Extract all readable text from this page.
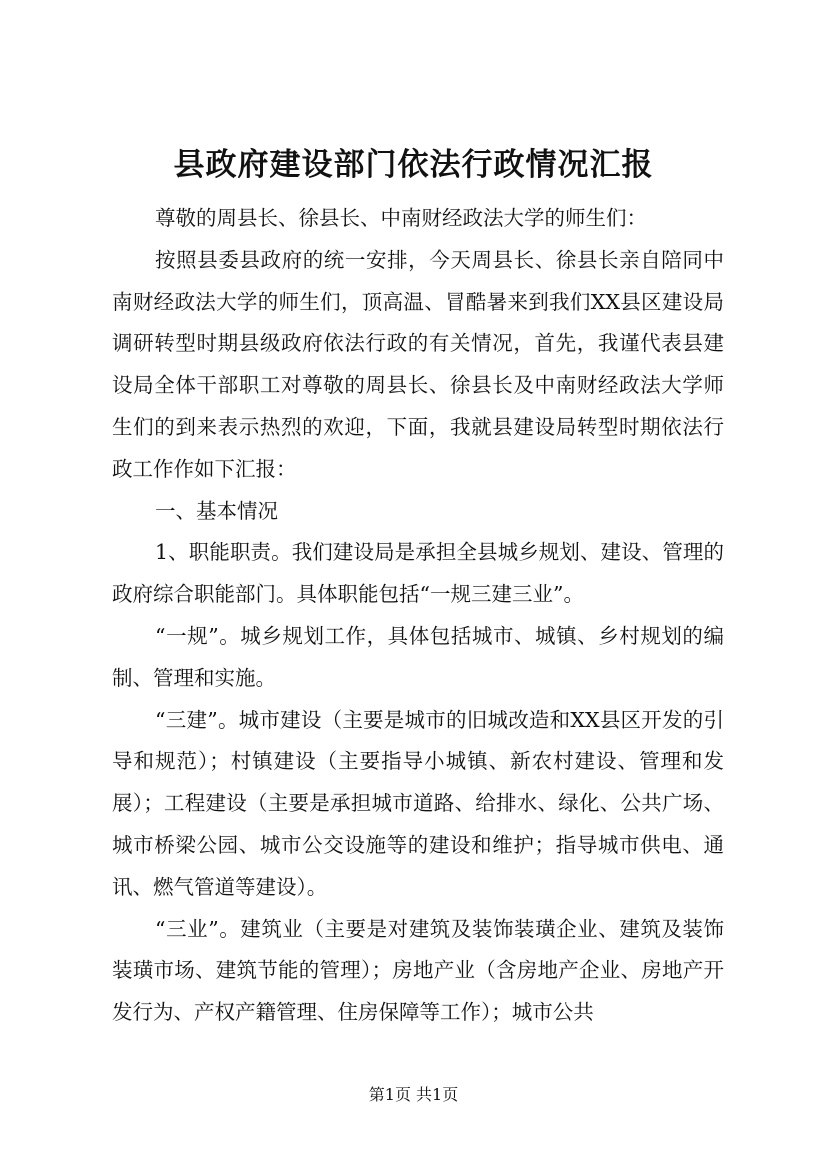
县政府建设部门依法行政情况汇报

尊敬的周县长、徐县长、中南财经政法大学的师生们：

按照县委县政府的统一安排，今天周县长、徐县长亲自陪同中南财经政法大学的师生们，顶高温、冒酷暑来到我们XX县区建设局调研转型时期县级政府依法行政的有关情况，首先，我谨代表县建设局全体干部职工对尊敬的周县长、徐县长及中南财经政法大学师生们的到来表示热烈的欢迎，下面，我就县建设局转型时期依法行政工作作如下汇报：

一、基本情况

1、职能职责。我们建设局是承担全县城乡规划、建设、管理的政府综合职能部门。具体职能包括“一规三建三业”。

“一规”。城乡规划工作，具体包括城市、城镇、乡村规划的编制、管理和实施。

“三建”。城市建设（主要是城市的旧城改造和XX县区开发的引导和规范）；村镇建设（主要指导小城镇、新农村建设、管理和发展）；工程建设（主要是承担城市道路、给排水、绿化、公共广场、城市桥梁公园、城市公交设施等的建设和维护；指导城市供电、通讯、燃气管道等建设）。

“三业”。建筑业（主要是对建筑及装饰装璜企业、建筑及装饰装璜市场、建筑节能的管理）；房地产业（含房地产企业、房地产开发行为、产权产籍管理、住房保障等工作）；城市公共

第1页 共1页
